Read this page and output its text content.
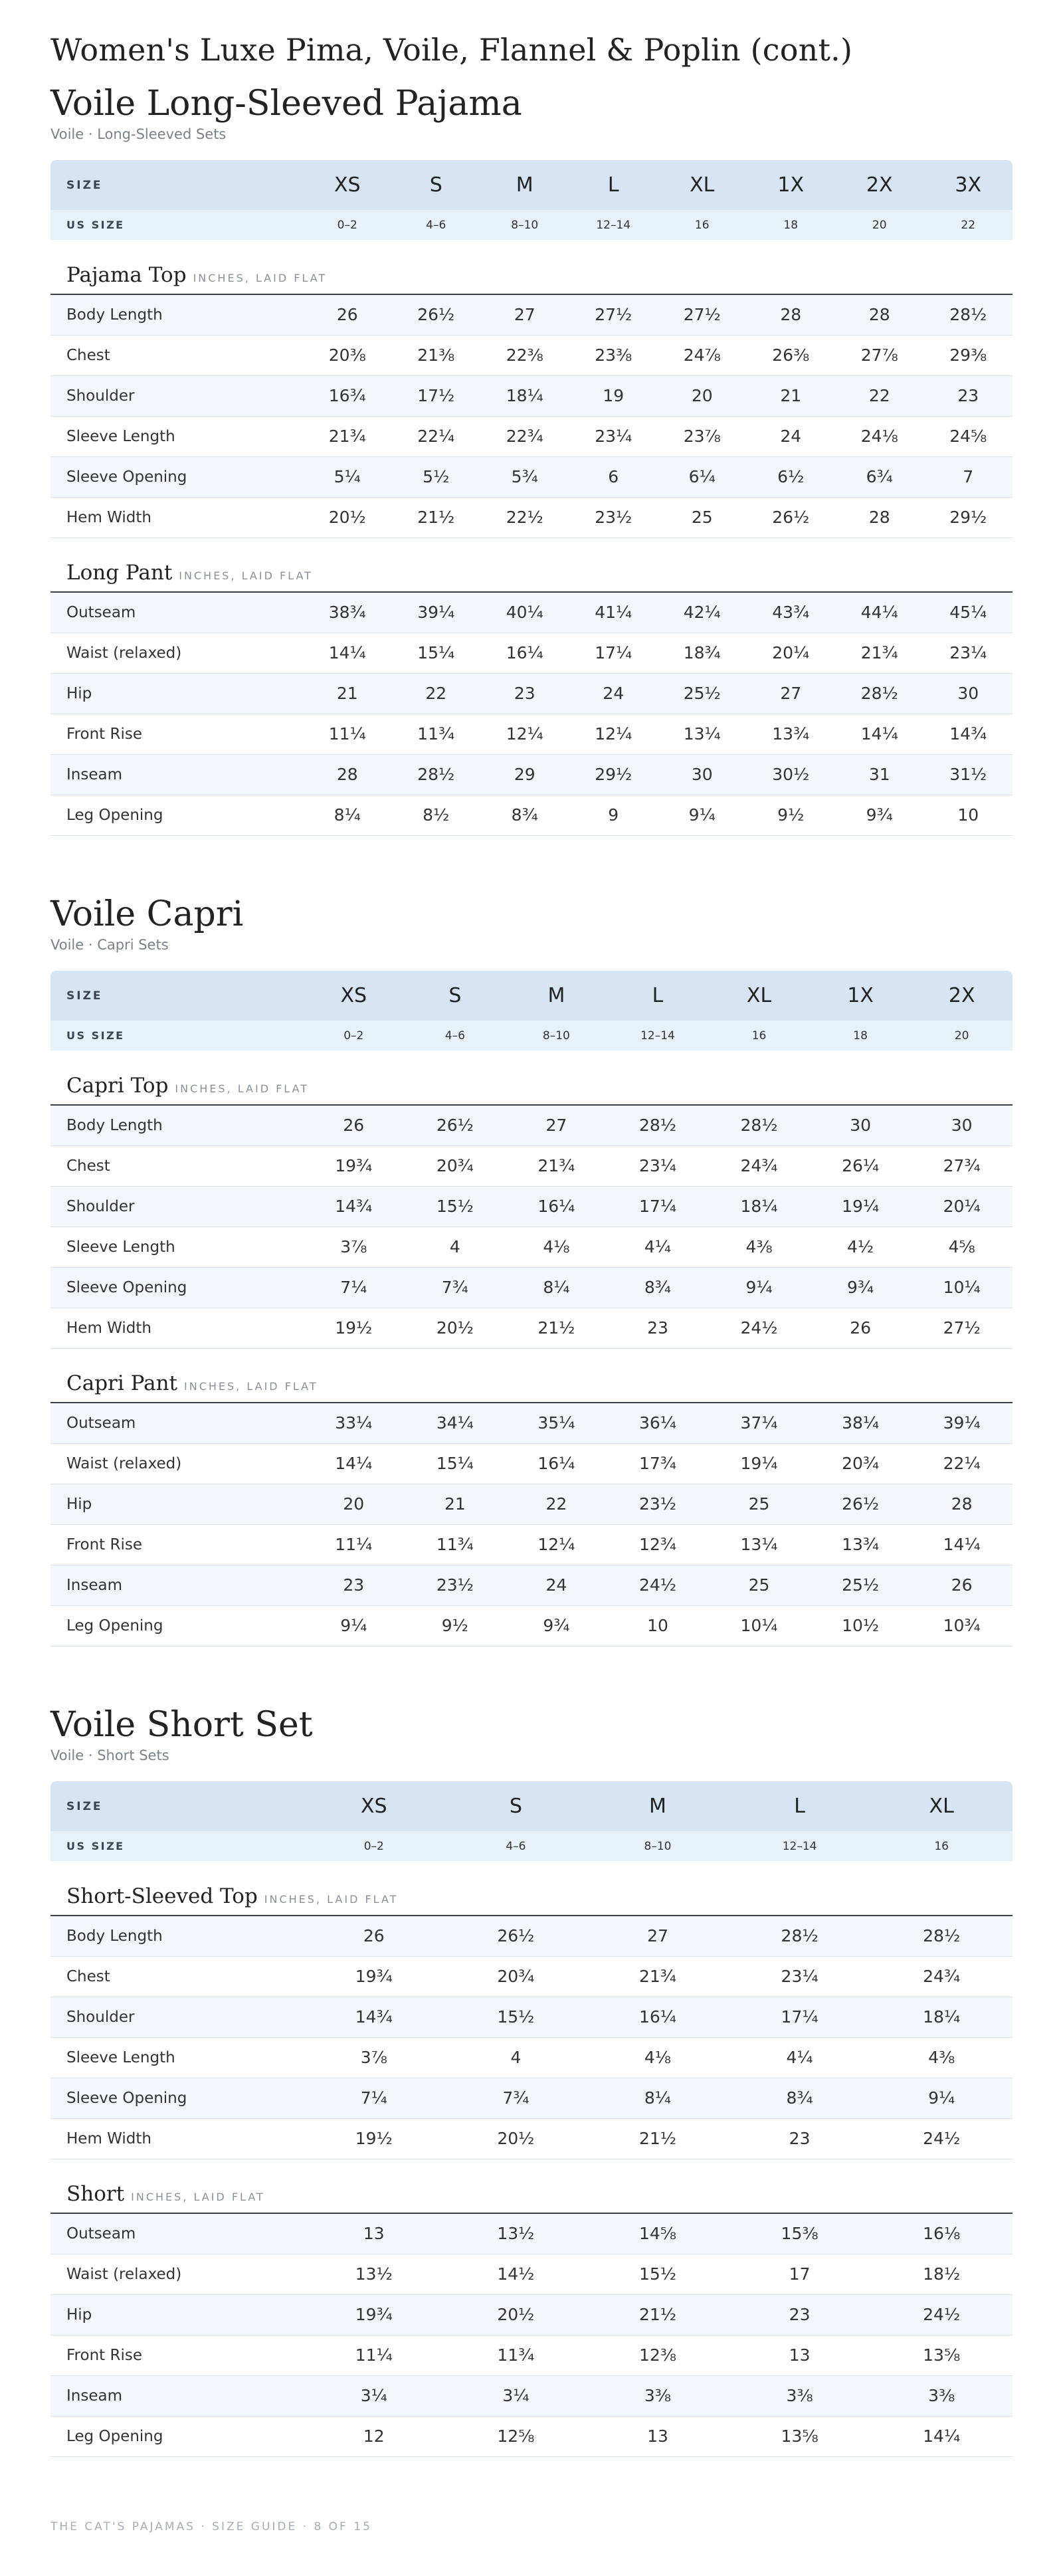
Women's Luxe Pima, Voile, Flannel & Poplin (cont.)
Voile Long-Sleeved Pajama
Voile · Long-Sleeved Sets
SIZE	XS	S	M	L	XL	1X	2X	3X
US SIZE	0–2	4–6	8–10	12–14	16	18	20	22
Pajama Top INCHES, LAID FLAT								
Body Length	26	26½	27	27½	27½	28	28	28½
Chest	20⅜	21⅜	22⅜	23⅜	24⅞	26⅜	27⅞	29⅜
Shoulder	16¾	17½	18¼	19	20	21	22	23
Sleeve Length	21¾	22¼	22¾	23¼	23⅞	24	24⅛	24⅝
Sleeve Opening	5¼	5½	5¾	6	6¼	6½	6¾	7
Hem Width	20½	21½	22½	23½	25	26½	28	29½
Long Pant INCHES, LAID FLAT								
Outseam	38¾	39¼	40¼	41¼	42¼	43¾	44¼	45¼
Waist (relaxed)	14¼	15¼	16¼	17¼	18¾	20¼	21¾	23¼
Hip	21	22	23	24	25½	27	28½	30
Front Rise	11¼	11¾	12¼	12¼	13¼	13¾	14¼	14¾
Inseam	28	28½	29	29½	30	30½	31	31½
Leg Opening	8¼	8½	8¾	9	9¼	9½	9¾	10
Voile Capri
Voile · Capri Sets
SIZE	XS	S	M	L	XL	1X	2X
US SIZE	0–2	4–6	8–10	12–14	16	18	20
Capri Top INCHES, LAID FLAT							
Body Length	26	26½	27	28½	28½	30	30
Chest	19¾	20¾	21¾	23¼	24¾	26¼	27¾
Shoulder	14¾	15½	16¼	17¼	18¼	19¼	20¼
Sleeve Length	3⅞	4	4⅛	4¼	4⅜	4½	4⅝
Sleeve Opening	7¼	7¾	8¼	8¾	9¼	9¾	10¼
Hem Width	19½	20½	21½	23	24½	26	27½
Capri Pant INCHES, LAID FLAT							
Outseam	33¼	34¼	35¼	36¼	37¼	38¼	39¼
Waist (relaxed)	14¼	15¼	16¼	17¾	19¼	20¾	22¼
Hip	20	21	22	23½	25	26½	28
Front Rise	11¼	11¾	12¼	12¾	13¼	13¾	14¼
Inseam	23	23½	24	24½	25	25½	26
Leg Opening	9¼	9½	9¾	10	10¼	10½	10¾
Voile Short Set
Voile · Short Sets
SIZE	XS	S	M	L	XL
US SIZE	0–2	4–6	8–10	12–14	16
Short-Sleeved Top INCHES, LAID FLAT					
Body Length	26	26½	27	28½	28½
Chest	19¾	20¾	21¾	23¼	24¾
Shoulder	14¾	15½	16¼	17¼	18¼
Sleeve Length	3⅞	4	4⅛	4¼	4⅜
Sleeve Opening	7¼	7¾	8¼	8¾	9¼
Hem Width	19½	20½	21½	23	24½
Short INCHES, LAID FLAT					
Outseam	13	13½	14⅝	15⅜	16⅛
Waist (relaxed)	13½	14½	15½	17	18½
Hip	19¾	20½	21½	23	24½
Front Rise	11¼	11¾	12⅜	13	13⅝
Inseam	3¼	3¼	3⅜	3⅜	3⅜
Leg Opening	12	12⅝	13	13⅝	14¼
THE CAT'S PAJAMAS · SIZE GUIDE · 8 OF 15
